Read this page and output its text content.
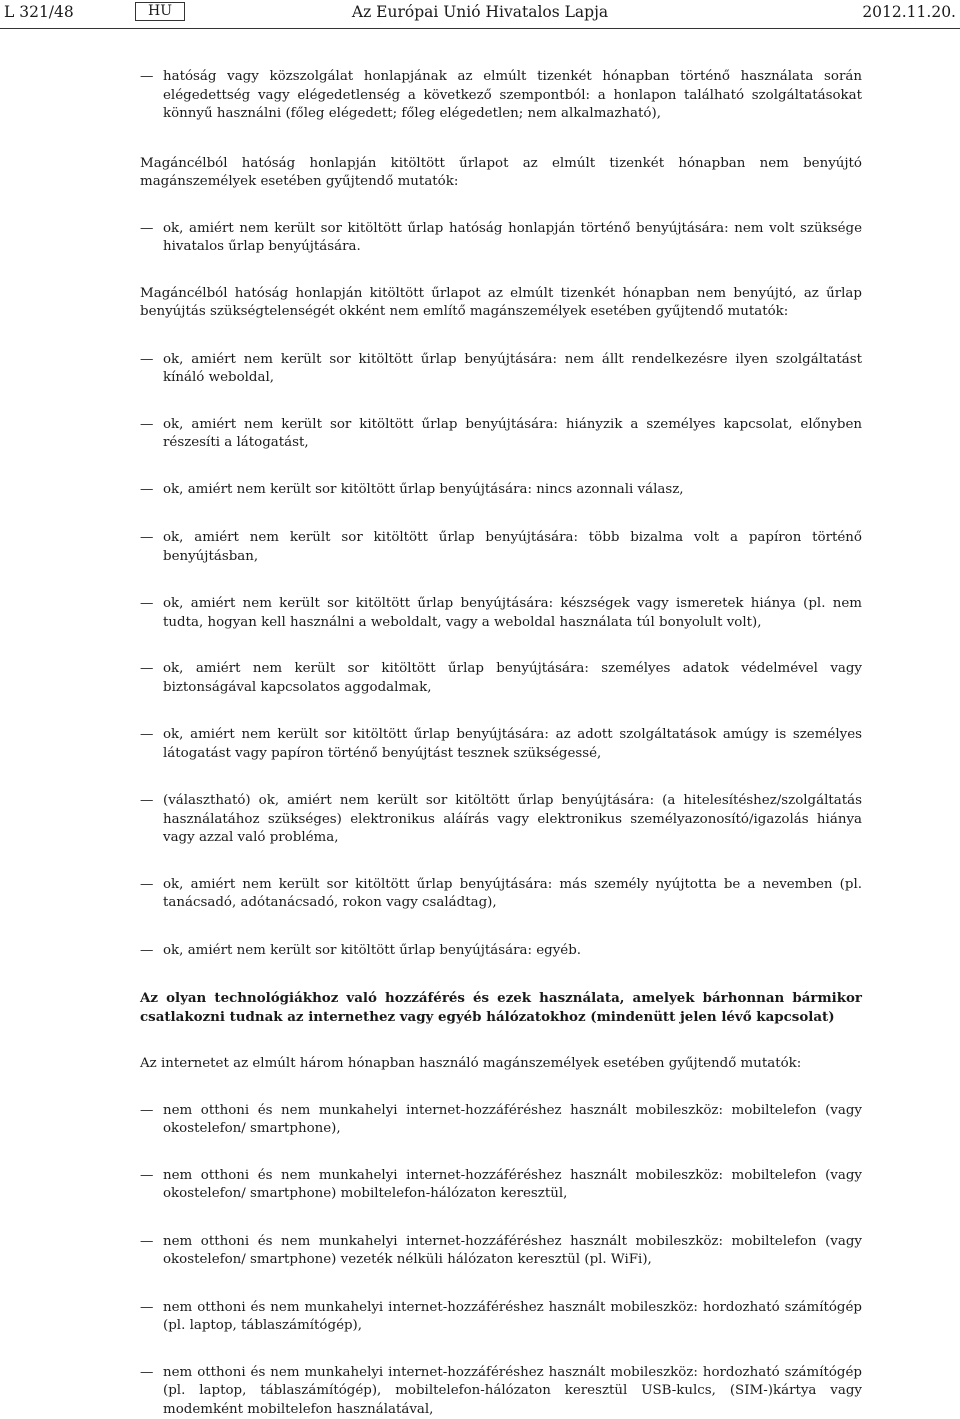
L 321/48	HU	Az Európai Unió Hivatalos Lapja	2012.11.20.

— hatóság vagy közszolgálat honlapjának az elmúlt tizenkét hónapban történő használata során elégedettség vagy elégedetlenség a következő szempontból: a honlapon található szolgáltatásokat könnyű használni (főleg elégedett; főleg elégedetlen; nem alkalmazható),

Magáncélból hatóság honlapján kitöltött űrlapot az elmúlt tizenkét hónapban nem benyújtó magánszemélyek esetében gyűjtendő mutatók:

— ok, amiért nem került sor kitöltött űrlap hatóság honlapján történő benyújtására: nem volt szüksége hivatalos űrlap benyújtására.

Magáncélból hatóság honlapján kitöltött űrlapot az elmúlt tizenkét hónapban nem benyújtó, az űrlap benyújtás szükségtelenségét okként nem említő magánszemélyek esetében gyűjtendő mutatók:

— ok, amiért nem került sor kitöltött űrlap benyújtására: nem állt rendelkezésre ilyen szolgáltatást kínáló weboldal,

— ok, amiért nem került sor kitöltött űrlap benyújtására: hiányzik a személyes kapcsolat, előnyben részesíti a látogatást,

— ok, amiért nem került sor kitöltött űrlap benyújtására: nincs azonnali válasz,

— ok, amiért nem került sor kitöltött űrlap benyújtására: több bizalma volt a papíron történő benyújtásban,

— ok, amiért nem került sor kitöltött űrlap benyújtására: készségek vagy ismeretek hiánya (pl. nem tudta, hogyan kell használni a weboldalt, vagy a weboldal használata túl bonyolult volt),

— ok, amiért nem került sor kitöltött űrlap benyújtására: személyes adatok védelmével vagy biztonságával kapcsolatos aggodalmak,

— ok, amiért nem került sor kitöltött űrlap benyújtására: az adott szolgáltatások amúgy is személyes látogatást vagy papíron történő benyújtást tesznek szükségessé,

— (választható) ok, amiért nem került sor kitöltött űrlap benyújtására: (a hitelesítéshez/szolgáltatás használatához szükséges) elektronikus aláírás vagy elektronikus személyazonosító/igazolás hiánya vagy azzal való probléma,

— ok, amiért nem került sor kitöltött űrlap benyújtására: más személy nyújtotta be a nevemben (pl. tanácsadó, adótanácsadó, rokon vagy családtag),

— ok, amiért nem került sor kitöltött űrlap benyújtására: egyéb.

Az olyan technológiákhoz való hozzáférés és ezek használata, amelyek bárhonnan bármikor csatlakozni tudnak az internethez vagy egyéb hálózatokhoz (mindenütt jelen lévő kapcsolat)

Az internetet az elmúlt három hónapban használó magánszemélyek esetében gyűjtendő mutatók:

— nem otthoni és nem munkahelyi internet-hozzáféréshez használt mobileszköz: mobiltelefon (vagy okostelefon/ smartphone),

— nem otthoni és nem munkahelyi internet-hozzáféréshez használt mobileszköz: mobiltelefon (vagy okostelefon/ smartphone) mobiltelefon-hálózaton keresztül,

— nem otthoni és nem munkahelyi internet-hozzáféréshez használt mobileszköz: mobiltelefon (vagy okostelefon/ smartphone) vezeték nélküli hálózaton keresztül (pl. WiFi),

— nem otthoni és nem munkahelyi internet-hozzáféréshez használt mobileszköz: hordozható számítógép (pl. laptop, táblaszámítógép),

— nem otthoni és nem munkahelyi internet-hozzáféréshez használt mobileszköz: hordozható számítógép (pl. laptop, táblaszámítógép), mobiltelefon-hálózaton keresztül USB-kulcs, (SIM-)kártya vagy modemként mobiltelefon használatával,
